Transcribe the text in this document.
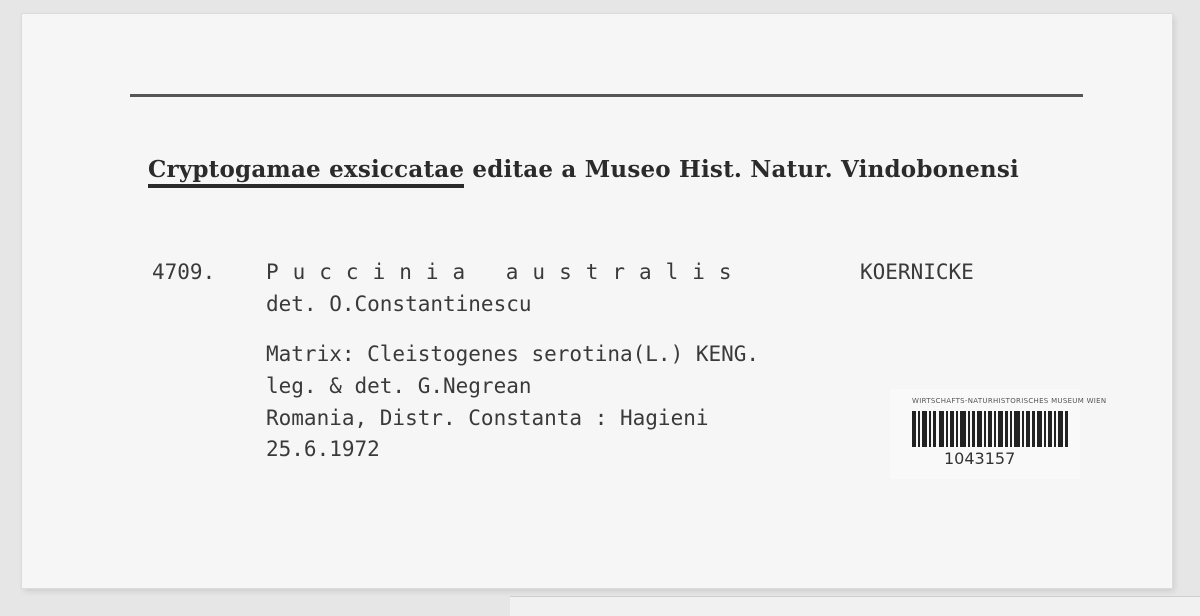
Cryptogamae exsiccatae editae a Museo Hist. Natur. Vindobonensi
4709. Puccinia australis	KOERNICKE
det. O.Constantinescu
Matrix: Cleistogenes serotina(L.) KENG.
leg. & det. G.Negrean
Romania, Distr. Constanta : Hagieni
25.6.1972
WIRTSCHAFTS-NATURHISTORISCHES MUSEUM WIEN
1043157
